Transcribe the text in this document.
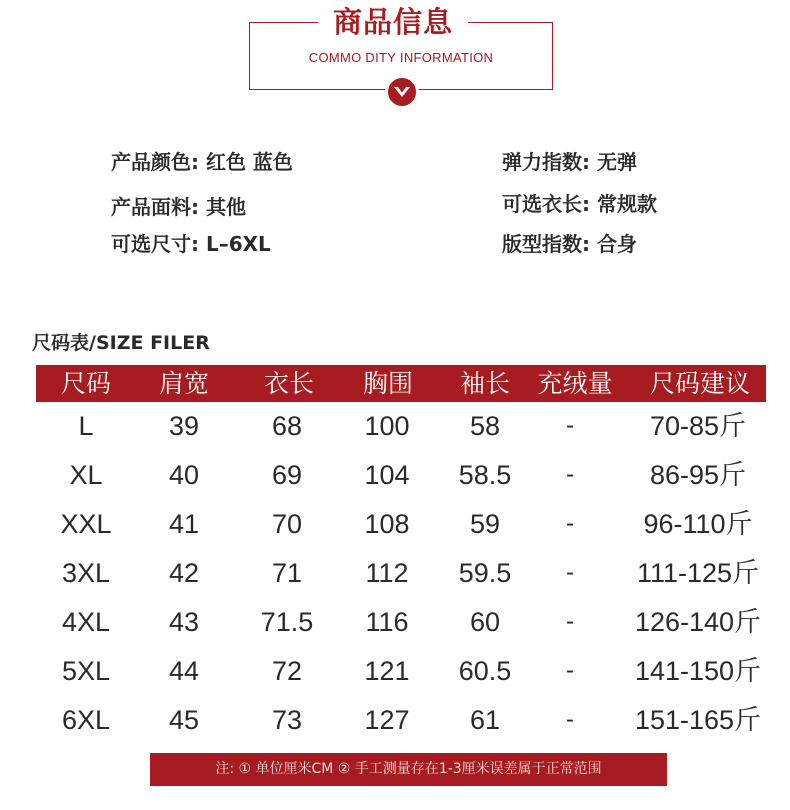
商品信息
COMMO DITY INFORMATION
产品颜色: 红色 蓝色
产品面料: 其他
可选尺寸: L–6XL
弹力指数: 无弹
可选衣长: 常规款
版型指数: 合身
尺码表/SIZE FILER
尺码 肩宽 衣长 胸围 袖长 充绒量 尺码建议
L	39	68 100 58	-	70-85斤
XL 40	69 104 58.5 -	86-95斤
XXL 41	70 108 59	-	96-110斤
3XL 42	71 112 59.5 - 111-125斤
4XL 43 71.5 116 60	- 126-140斤
5XL 44	72 121 60.5 - 141-150斤
6XL 45	73 127 61	- 151-165斤
注: ① 单位厘米CM ② 手工测量存在1-3厘米误差属于正常范围
